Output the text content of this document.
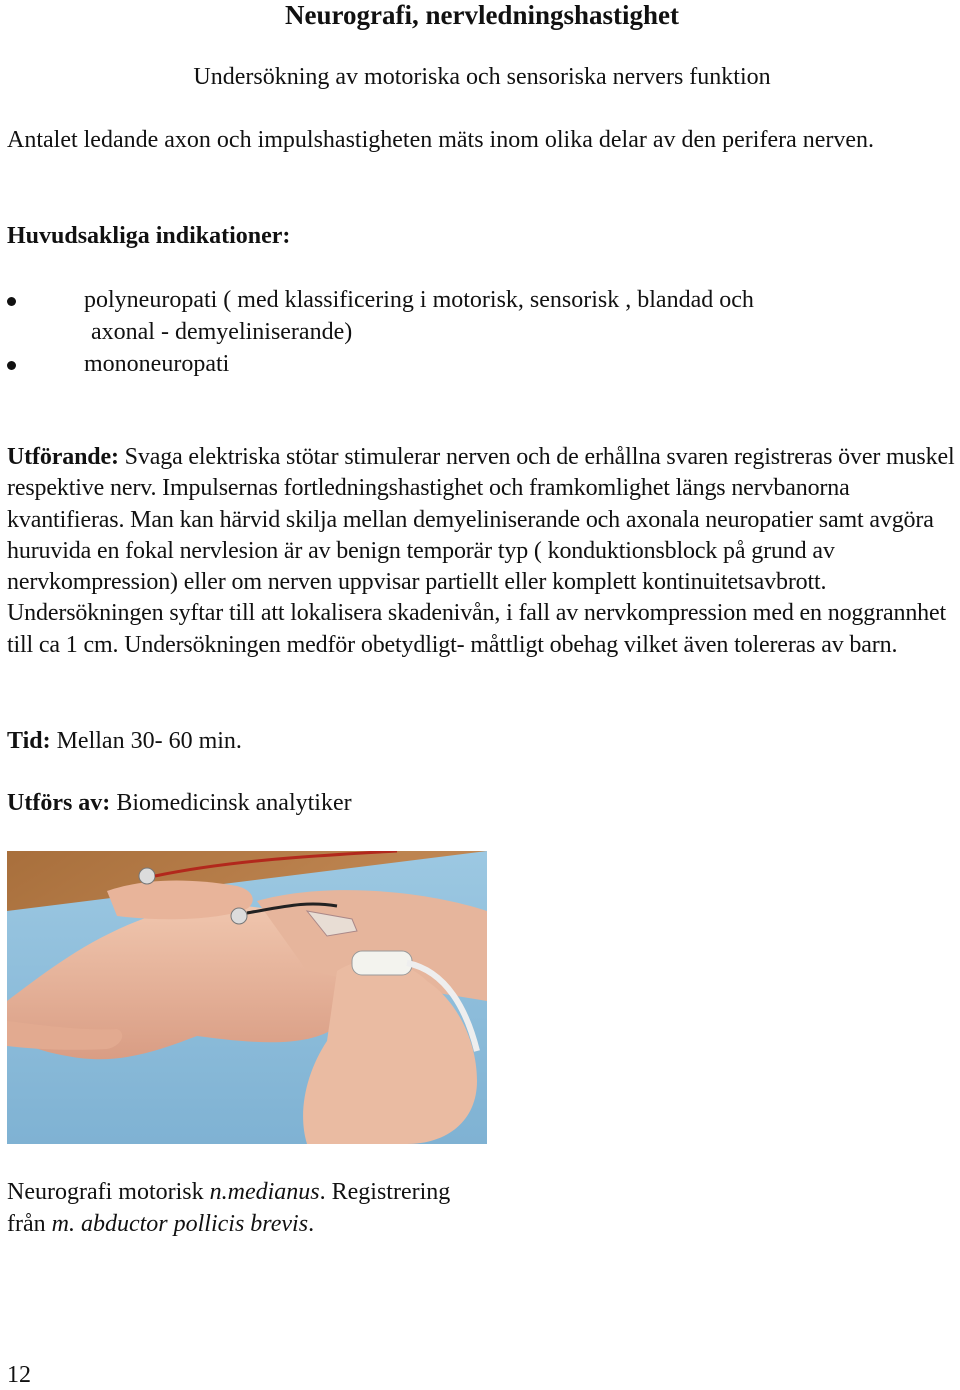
Neurografi, nervledningshastighet
Undersökning av motoriska och sensoriska nervers funktion
Antalet ledande axon och impulshastigheten mäts inom olika delar av den perifera nerven.
Huvudsakliga indikationer:
polyneuropati ( med klassificering i motorisk, sensorisk , blandad och
axonal - demyeliniserande)
mononeuropati
Utförande: Svaga elektriska stötar stimulerar nerven och de erhållna svaren registreras över muskel respektive nerv. Impulsernas fortledningshastighet och framkomlighet längs nervbanorna kvantifieras. Man kan härvid skilja mellan demyeliniserande och axonala neuropatier samt avgöra huruvida en fokal nervlesion är av benign temporär typ ( konduktionsblock på grund av nervkompression) eller om nerven uppvisar partiellt eller komplett kontinuitetsavbrott. Undersökningen syftar till att lokalisera skadenivån, i fall av nervkompression med en noggrannhet till ca 1 cm. Undersökningen medför obetydligt- måttligt obehag vilket även tolereras av barn.
Tid: Mellan 30- 60 min.
Utförs av: Biomedicinsk analytiker
Neurografi motorisk n.medianus. Registrering
från m. abductor pollicis brevis.
12
